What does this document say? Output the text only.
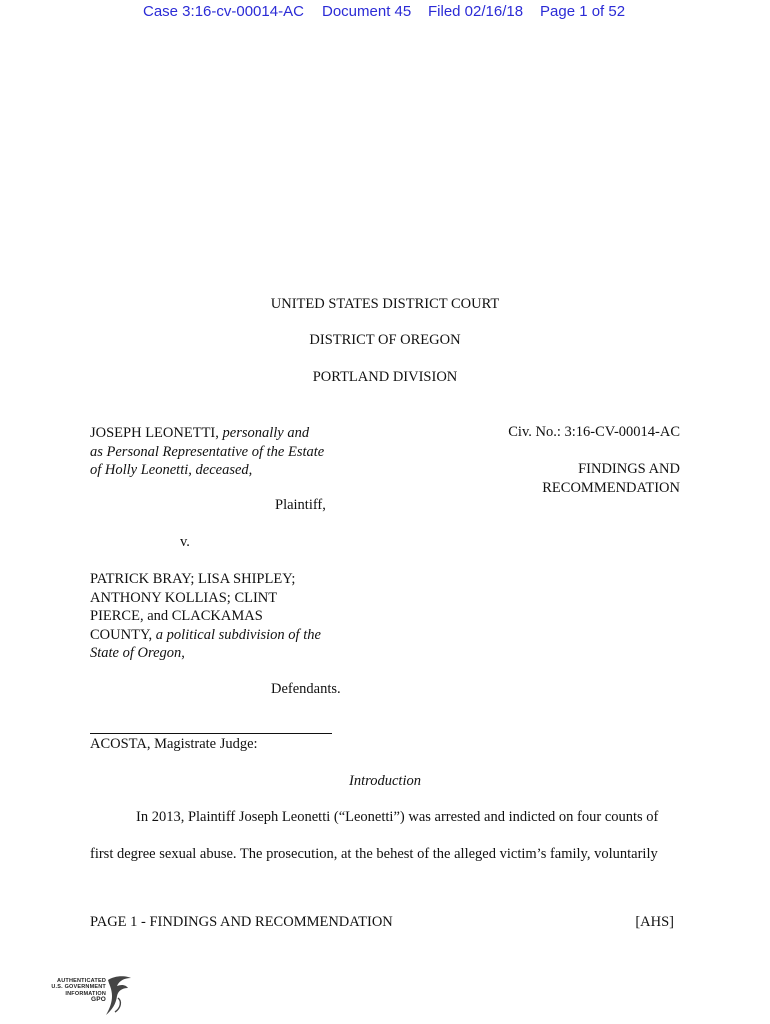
Case 3:16-cv-00014-AC Document 45 Filed 02/16/18 Page 1 of 52
UNITED STATES DISTRICT COURT
DISTRICT OF OREGON
PORTLAND DIVISION
JOSEPH LEONETTI, personally and
as Personal Representative of the Estate
of Holly Leonetti, deceased,
Plaintiff,
Civ. No.: 3:16-CV-00014-AC
FINDINGS AND
RECOMMENDATION
v.
PATRICK BRAY; LISA SHIPLEY;
ANTHONY KOLLIAS; CLINT
PIERCE, and CLACKAMAS
COUNTY, a political subdivision of the
State of Oregon,
Defendants.
ACOSTA, Magistrate Judge:
Introduction
In 2013, Plaintiff Joseph Leonetti (“Leonetti”) was arrested and indicted on four counts of
first degree sexual abuse. The prosecution, at the behest of the alleged victim’s family, voluntarily
PAGE 1 - FINDINGS AND RECOMMENDATION	[AHS]
AUTHENTICATED
U.S. GOVERNMENT
INFORMATION
GPO
